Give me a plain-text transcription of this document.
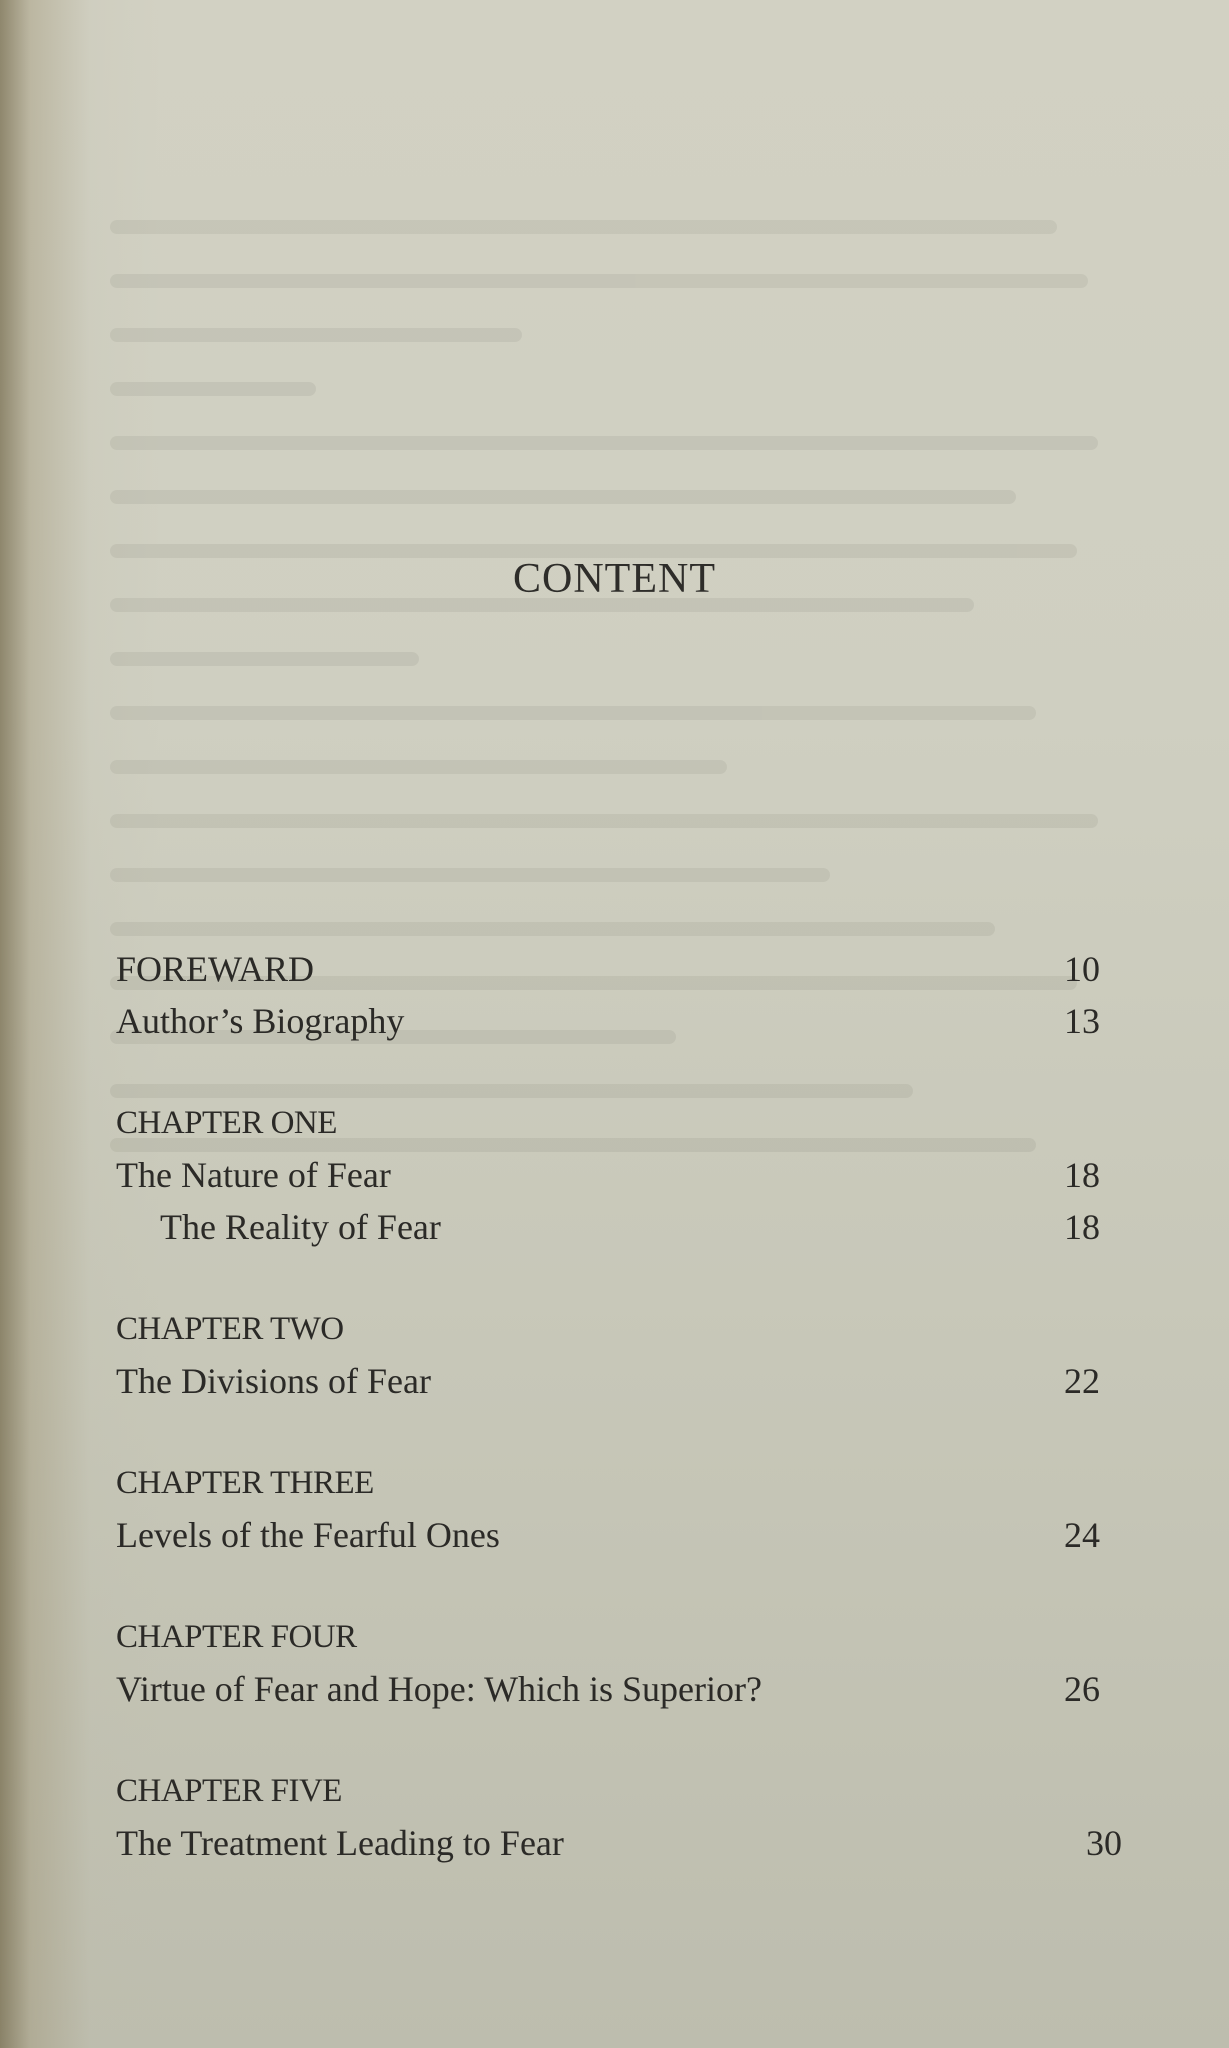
CONTENT
FOREWARD	10
Author’s Biography	13
CHAPTER ONE
The Nature of Fear	18
The Reality of Fear	18
CHAPTER TWO
The Divisions of Fear	22
CHAPTER THREE
Levels of the Fearful Ones	24
CHAPTER FOUR
Virtue of Fear and Hope: Which is Superior?	26
CHAPTER FIVE
The Treatment Leading to Fear	30
